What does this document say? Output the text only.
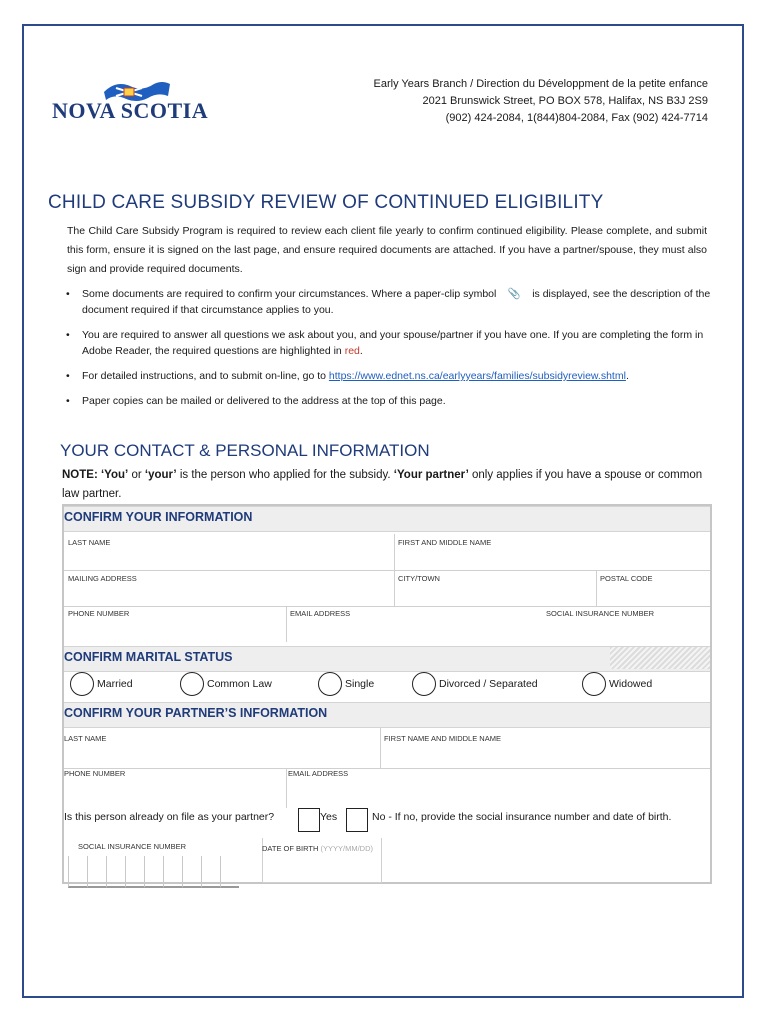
NOVA SCOTIA
Early Years Branch / Direction du Développment de la petite enfance
2021 Brunswick Street, PO BOX 578, Halifax, NS B3J 2S9
(902) 424-2084, 1(844)804-2084, Fax (902) 424-7714
CHILD CARE SUBSIDY REVIEW OF CONTINUED ELIGIBILITY
The Child Care Subsidy Program is required to review each client file yearly to confirm continued eligibility. Please complete, and submit this form, ensure it is signed on the last page, and ensure required documents are attached. If you have a partner/spouse, they must also sign and provide required documents.
• Some documents are required to confirm your circumstances. Where a paper-clip symbol 📎 is displayed, see the description of the document required if that circumstance applies to you.
• You are required to answer all questions we ask about you, and your spouse/partner if you have one. If you are completing the form in Adobe Reader, the required questions are highlighted in red.
• For detailed instructions, and to submit on-line, go to https://www.ednet.ns.ca/earlyyears/families/subsidyreview.shtml.
• Paper copies can be mailed or delivered to the address at the top of this page.
YOUR CONTACT & PERSONAL INFORMATION
NOTE: ‘You’ or ‘your’ is the person who applied for the subsidy. ‘Your partner’ only applies if you have a spouse or common law partner.
CONFIRM YOUR INFORMATION
LAST NAME	FIRST AND MIDDLE NAME
MAILING ADDRESS	CITY/TOWN	POSTAL CODE
PHONE NUMBER	EMAIL ADDRESS	SOCIAL INSURANCE NUMBER
CONFIRM MARITAL STATUS
Married	Common Law	Single	Divorced / Separated	Widowed
CONFIRM YOUR PARTNER’S INFORMATION
LAST NAME	FIRST NAME AND MIDDLE NAME
PHONE NUMBER	EMAIL ADDRESS
Is this person already on file as your partner?	Yes	No - If no, provide the social insurance number and date of birth.
SOCIAL INSURANCE NUMBER	DATE OF BIRTH (YYYY/MM/DD)
